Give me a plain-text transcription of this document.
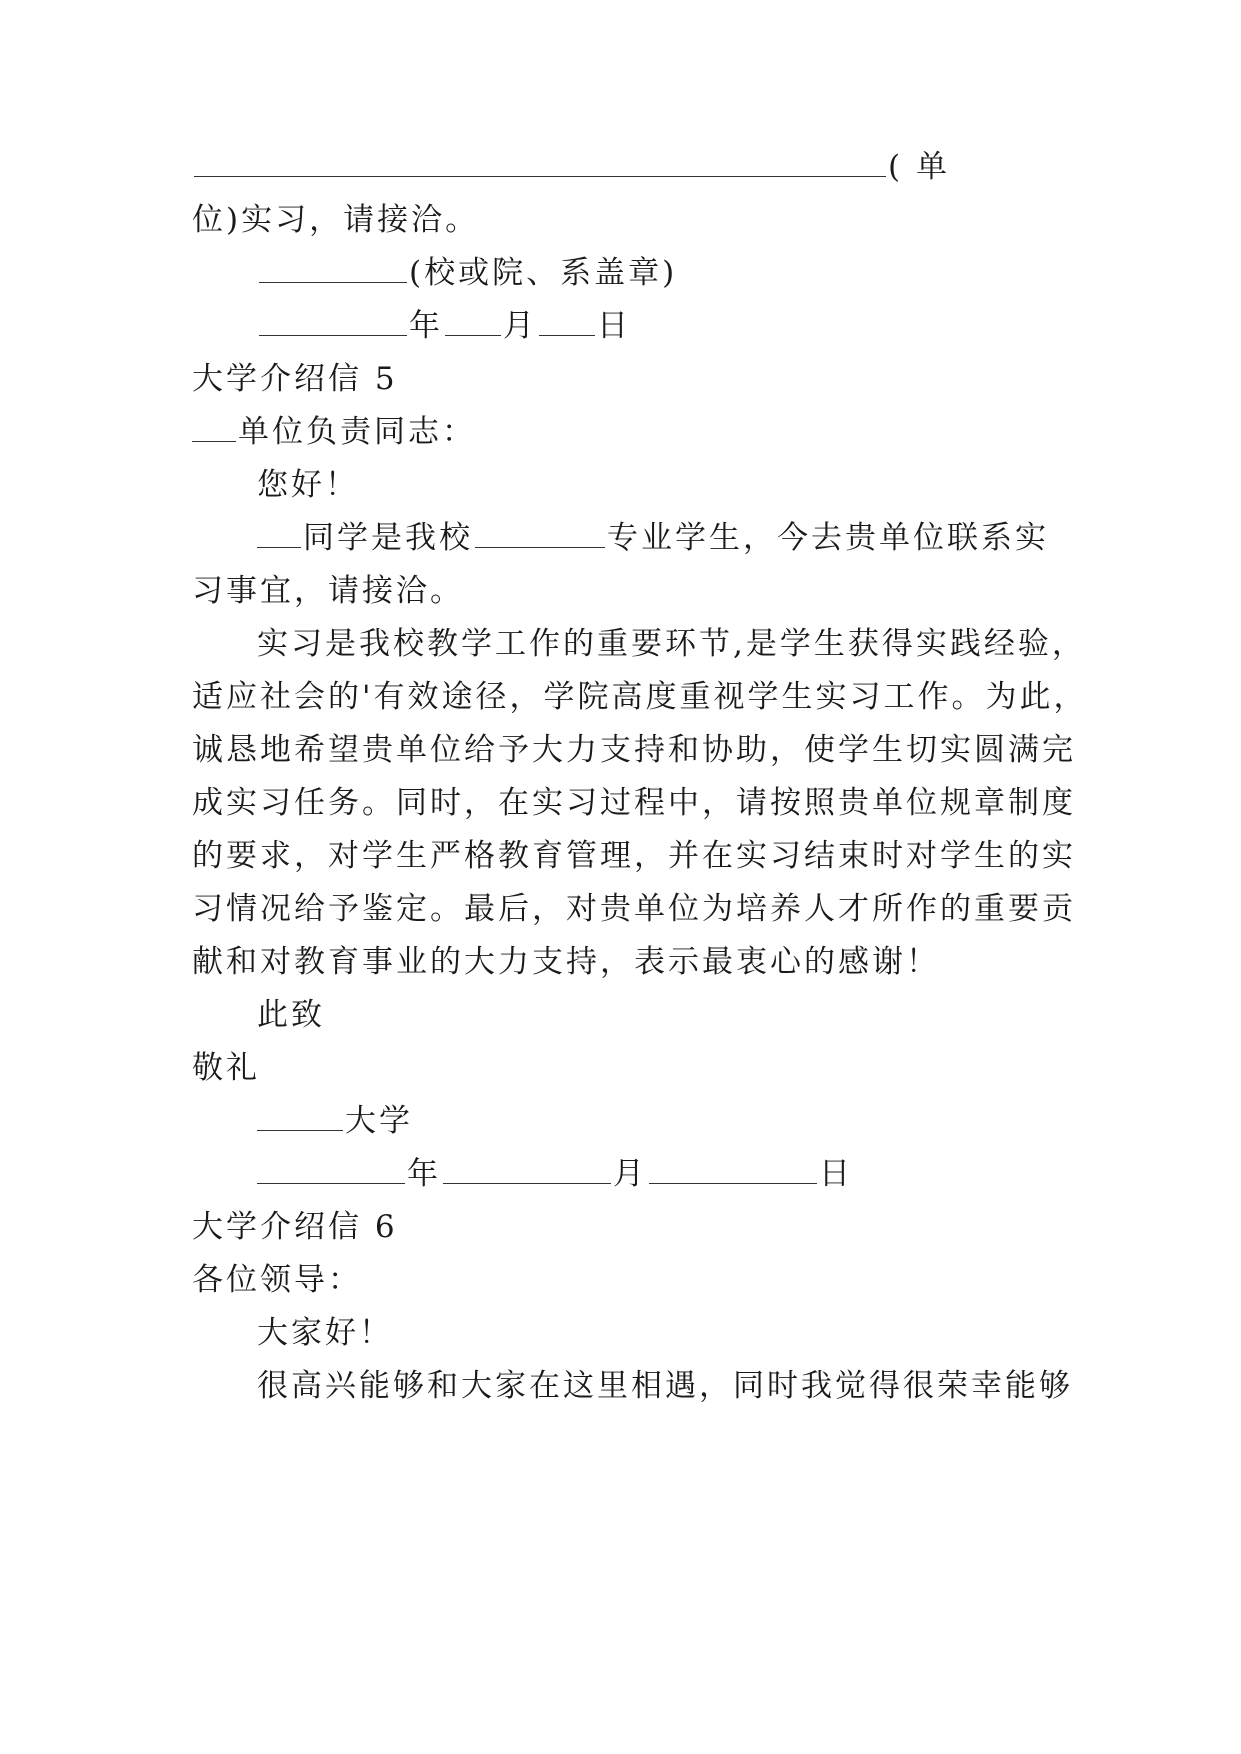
( 单
位)实习，请接洽。
(校或院、系盖章)
年 月 日
大学介绍信 5
单位负责同志：
您好！
同学是我校	专业学生，今去贵单位联系实
习事宜，请接洽。
实习是我校教学工作的重要环节,是学生获得实践经验，
适应社会的'有效途径，学院高度重视学生实习工作。为此，
诚恳地希望贵单位给予大力支持和协助，使学生切实圆满完
成实习任务。同时，在实习过程中，请按照贵单位规章制度
的要求，对学生严格教育管理，并在实习结束时对学生的实
习情况给予鉴定。最后，对贵单位为培养人才所作的重要贡
献和对教育事业的大力支持，表示最衷心的感谢！
此致
敬礼
大学
年	月	日
大学介绍信 6
各位领导：
大家好！
很高兴能够和大家在这里相遇，同时我觉得很荣幸能够
